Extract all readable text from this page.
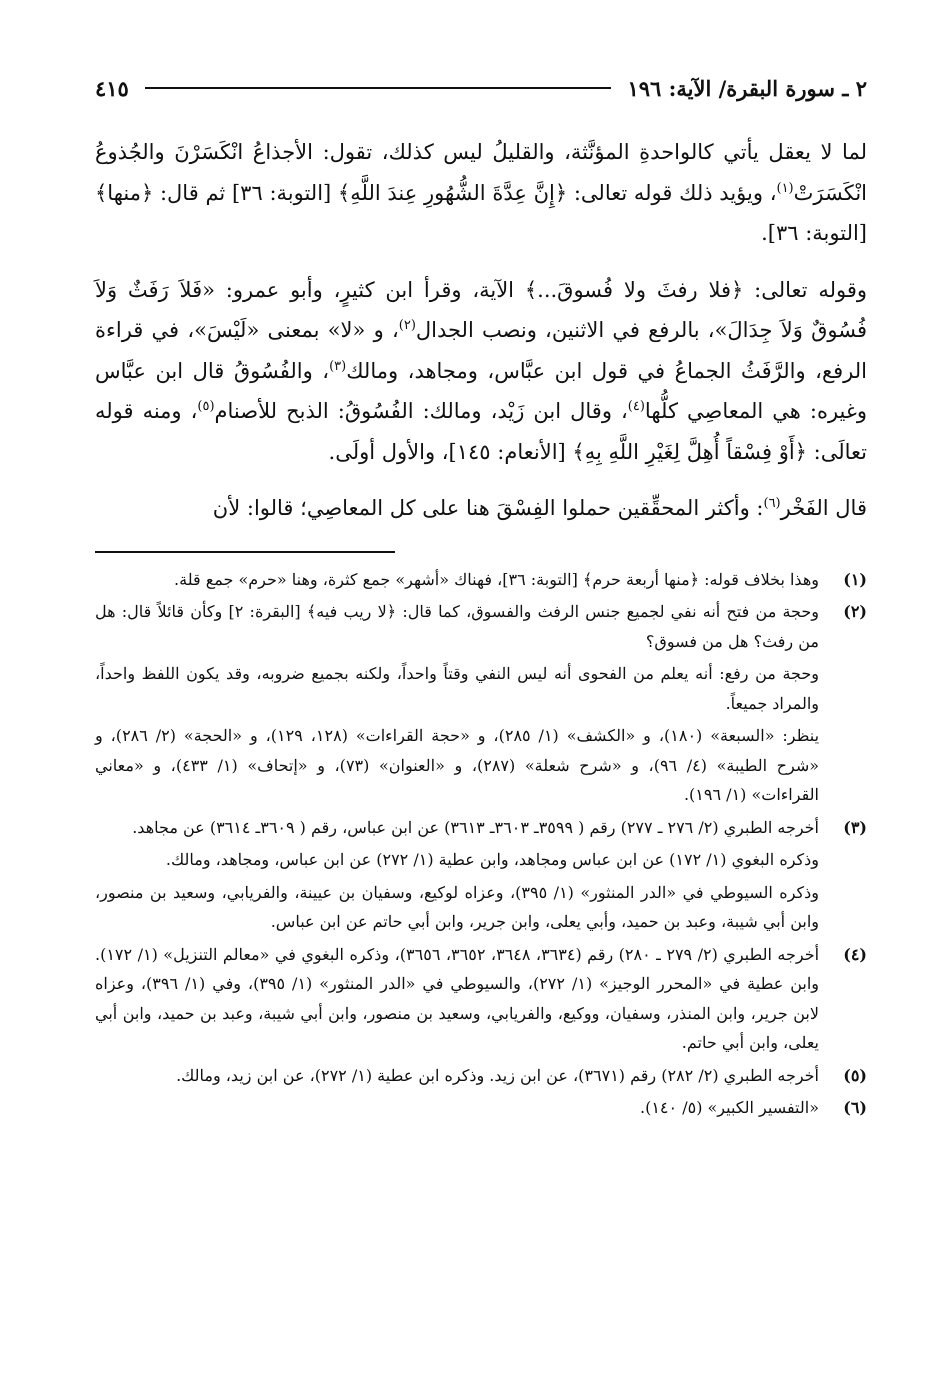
٢ ـ سورة البقرة/ الآية: ١٩٦
٤١٥

لما لا يعقل يأتي كالواحدةِ المؤنَّثة، والقليلُ ليس كذلك، تقول: الأجذاعُ انْكَسَرْنَ والجُذوعُ انْكَسَرَتْ$^{(١)}$، ويؤيد ذلك قوله تعالى: ﴿إِنَّ عِدَّةَ الشُّهُورِ عِندَ اللَّهِ﴾ [التوبة: ٣٦] ثم قال: ﴿منها﴾ [التوبة: ٣٦].

وقوله تعالى: ﴿فلا رفثَ ولا فُسوقَ...﴾ الآية، وقرأ ابن كثيرٍ، وأبو عمرو: «فَلاَ رَفَثٌ وَلاَ فُسُوقٌ وَلاَ جِدَالَ»، بالرفع في الاثنين، ونصب الجدال$^{(٢)}$، و «لا» بمعنى «لَيْسَ»، في قراءة الرفع، والرَّفَثُ الجماعُ في قول ابن عبَّاس، ومجاهد، ومالك$^{(٣)}$، والفُسُوقُ قال ابن عبَّاس وغيره: هي المعاصِي كلُّها$^{(٤)}$، وقال ابن زَيْد، ومالك: الفُسُوقُ: الذبح للأصنام$^{(٥)}$، ومنه قوله تعالَى: ﴿أَوْ فِسْقاً أُهِلَّ لِغَيْرِ اللَّهِ بِهِ﴾ [الأنعام: ١٤٥]، والأول أولَى.

قال الفَخْر$^{(٦)}$: وأكثر المحقِّقين حملوا الفِسْقَ هنا على كل المعاصِي؛ قالوا: لأن

(١)

وهذا بخلاف قوله: ﴿منها أربعة حرم﴾ [التوبة: ٣٦]، فهناك «أشهر» جمع كثرة، وهنا «حرم» جمع قلة.

(٢)

وحجة من فتح أنه نفي لجميع جنس الرفث والفسوق، كما قال: ﴿لا ريب فيه﴾ [البقرة: ٢] وكأن قائلاً قال: هل من رفث؟ هل من فسوق؟

وحجة من رفع: أنه يعلم من الفحوى أنه ليس النفي وقتاً واحداً، ولكنه بجميع ضروبه، وقد يكون اللفظ واحداً، والمراد جميعاً.

ينظر: «السبعة» (١٨٠)، و «الكشف» (١/ ٢٨٥)، و «حجة القراءات» (١٢٨، ١٢٩)، و «الحجة» (٢/ ٢٨٦)، و «شرح الطيبة» (٤/ ٩٦)، و «شرح شعلة» (٢٨٧)، و «العنوان» (٧٣)، و «إتحاف» (١/ ٤٣٣)، و «معاني القراءات» (١/ ١٩٦).

(٣)

أخرجه الطبري (٢/ ٢٧٦ ـ ٢٧٧) رقم ( ٣٥٩٩ـ ٣٦٠٣ـ ٣٦١٣) عن ابن عباس، رقم ( ٣٦٠٩ـ ٣٦١٤) عن مجاهد.

وذكره البغوي (١/ ١٧٢) عن ابن عباس ومجاهد، وابن عطية (١/ ٢٧٢) عن ابن عباس، ومجاهد، ومالك.

وذكره السيوطي في «الدر المنثور» (١/ ٣٩٥)، وعزاه لوكيع، وسفيان بن عيينة، والفريابي، وسعيد بن منصور، وابن أبي شيبة، وعبد بن حميد، وأبي يعلى، وابن جرير، وابن أبي حاتم عن ابن عباس.

(٤)

أخرجه الطبري (٢/ ٢٧٩ ـ ٢٨٠) رقم (٣٦٣٤، ٣٦٤٨، ٣٦٥٢، ٣٦٥٦)، وذكره البغوي في «معالم التنزيل» (١/ ١٧٢). وابن عطية في «المحرر الوجيز» (١/ ٢٧٢)، والسيوطي في «الدر المنثور» (١/ ٣٩٥)، وفي (١/ ٣٩٦)، وعزاه لابن جرير، وابن المنذر، وسفيان، ووكيع، والفريابي، وسعيد بن منصور، وابن أبي شيبة، وعبد بن حميد، وابن أبي يعلى، وابن أبي حاتم.

(٥)

أخرجه الطبري (٢/ ٢٨٢) رقم (٣٦٧١)، عن ابن زيد. وذكره ابن عطية (١/ ٢٧٢)، عن ابن زيد، ومالك.

(٦)

«التفسير الكبير» (٥/ ١٤٠).
